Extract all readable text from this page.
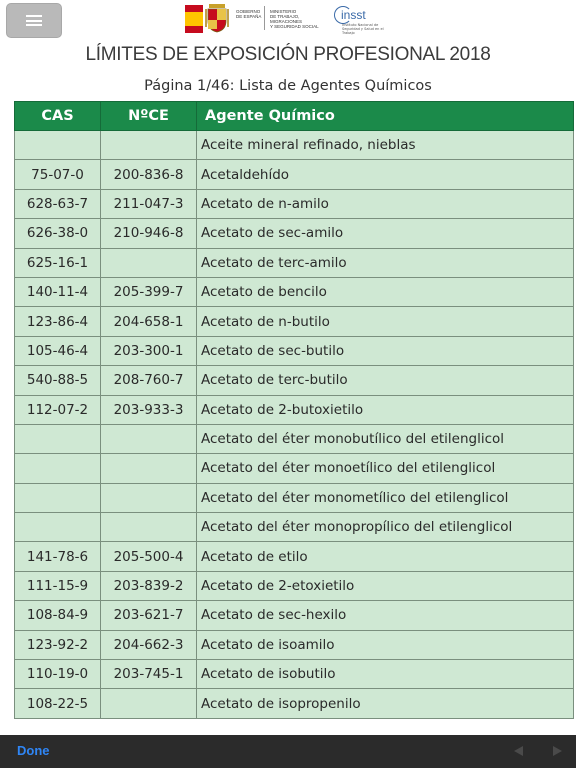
GOBIERNO
DE ESPAÑA
MINISTERIO
DE TRABAJO, MIGRACIONES
Y SEGURIDAD SOCIAL
insst
Instituto Nacional de Seguridad y Salud en el Trabajo
LÍMITES DE EXPOSICIÓN PROFESIONAL 2018
Página 1/46: Lista de Agentes Químicos
CAS	NºCE	Agente Químico
		Aceite mineral refinado, nieblas
75-07-0	200-836-8	Acetaldehído
628-63-7	211-047-3	Acetato de n-amilo
626-38-0	210-946-8	Acetato de sec-amilo
625-16-1		Acetato de terc-amilo
140-11-4	205-399-7	Acetato de bencilo
123-86-4	204-658-1	Acetato de n-butilo
105-46-4	203-300-1	Acetato de sec-butilo
540-88-5	208-760-7	Acetato de terc-butilo
112-07-2	203-933-3	Acetato de 2-butoxietilo
		Acetato del éter monobutílico del etilenglicol
		Acetato del éter monoetílico del etilenglicol
		Acetato del éter monometílico del etilenglicol
		Acetato del éter monopropílico del etilenglicol
141-78-6	205-500-4	Acetato de etilo
111-15-9	203-839-2	Acetato de 2-etoxietilo
108-84-9	203-621-7	Acetato de sec-hexilo
123-92-2	204-662-3	Acetato de isoamilo
110-19-0	203-745-1	Acetato de isobutilo
108-22-5		Acetato de isopropenilo
Done
